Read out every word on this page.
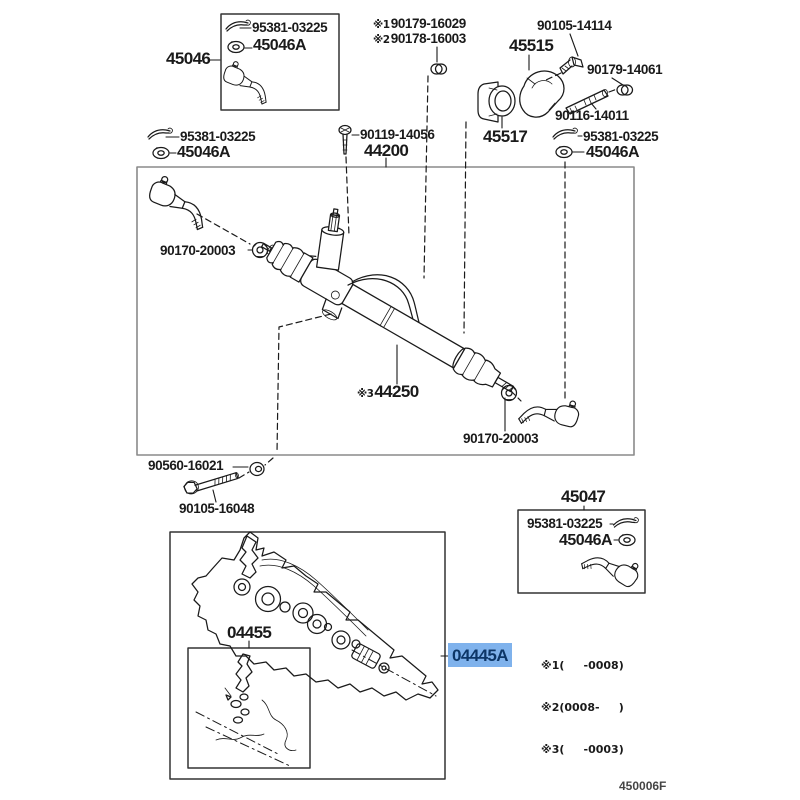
95381-03225
45046A
45046
※1 90179-16029
※2 90178-16003
90105-14114
45515
90179-14061
90116-14011
45517
95381-03225
45046A
90119-14056
44200
95381-03225
45046A
90170-20003
※3 44250
90170-20003
90560-16021
90105-16048
45047
95381-03225
45046A
04455
04445A

※1(     -0008)

※2(0008-     )

※3(     -0003)

450006F
